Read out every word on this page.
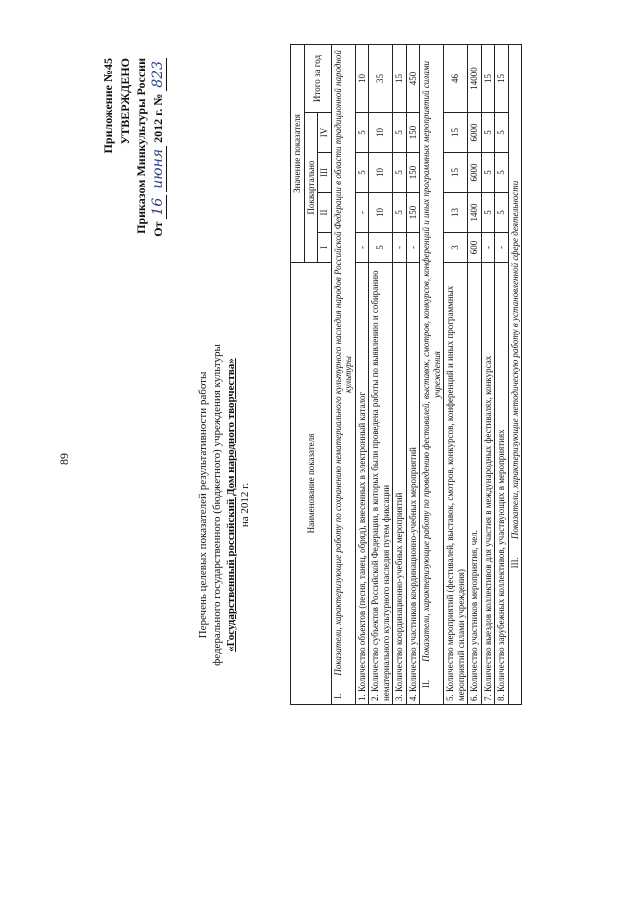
89
Приложение №45 УТВЕРЖДЕНО Приказом Минкультуры России От 16 июня 2012 г. № 823
Перечень целевых показателей результативности работы федерального государственного (бюджетного) учреждения культуры «Государственный российский Дом народного творчества» на 2012 г.	Наименование показателя	Значение показателя				
	Поквартально				Итого за год
	I	II	III	IV	
I.Показатели, характеризующие работу по сохранению нематериального культурного наследия народов Российской Федерации в области традиционной народной культуры					
1. Количество объектов (песня, танец, обряд), внесенных в электронный каталог	-	-	5	5	10
2. Количество субъектов Российской Федерации, в которых были проведена работы по выявлению и собиранию нематериального культурного наследия путем фиксации	5	10	10	10	35
3. Количество координационно-учебных мероприятий	-	5	5	5	15
4. Количество участников координационно-учебных мероприятий	-	150	150	150	450
II.Показатели, характеризующие работу по проведению фестивалей, выставок, смотров, конкурсов, конференций и иных программных мероприятий силами учреждения					
5. Количество мероприятий (фестивалей, выставок, смотров, конкурсов, конференций и иных программных мероприятий силами учреждения)	3	13	15	15	46
6. Количество участников мероприятия, чел.	600	1400	6000	6000	14000
7. Количество выездов коллективов для участия в международных фестивалях, конкурсах	-	5	5	5	15
8. Количество зарубежных коллективов, участвующих в мероприятиях	-	5	5	5	15
III.Показатели, характеризующие методическую работу в установленной сфере деятельности					
